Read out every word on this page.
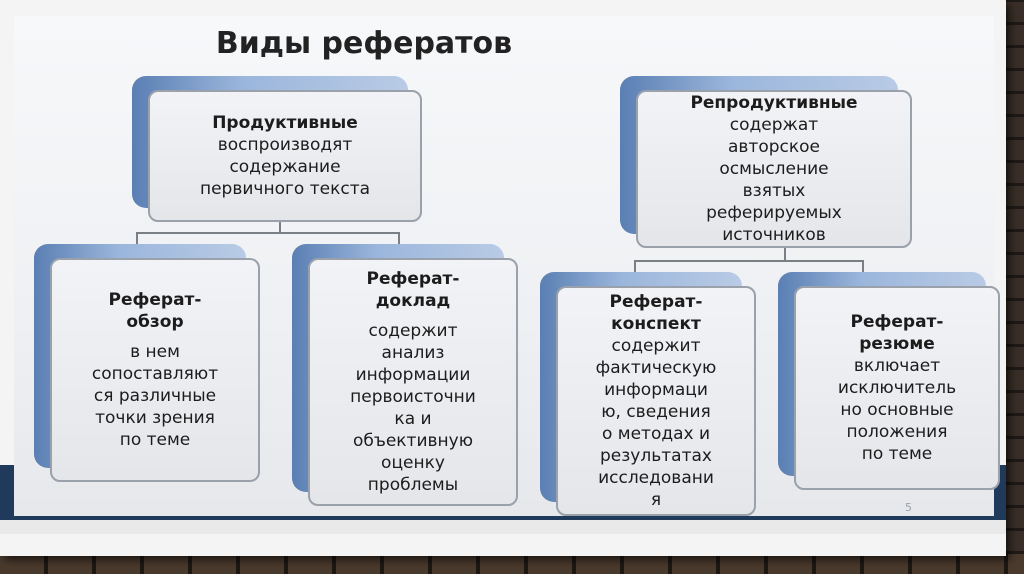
Виды рефератов
Продуктивные
воспроизводят
содержание
первичного текста
Репродуктивные
содержат
авторское
осмысление
взятых
реферируемых
источников
Реферат-
обзор
в нем
сопоставляют
ся различные
точки зрения
по теме
Реферат-
доклад
содержит
анализ
информации
первоисточни
ка и
объективную
оценку
проблемы
Реферат-
конспект
содержит
фактическую
информаци
ю, сведения
о методах и
результатах
исследовани
я
Реферат-
резюме
включает
исключитель
но основные
положения
по теме
5
